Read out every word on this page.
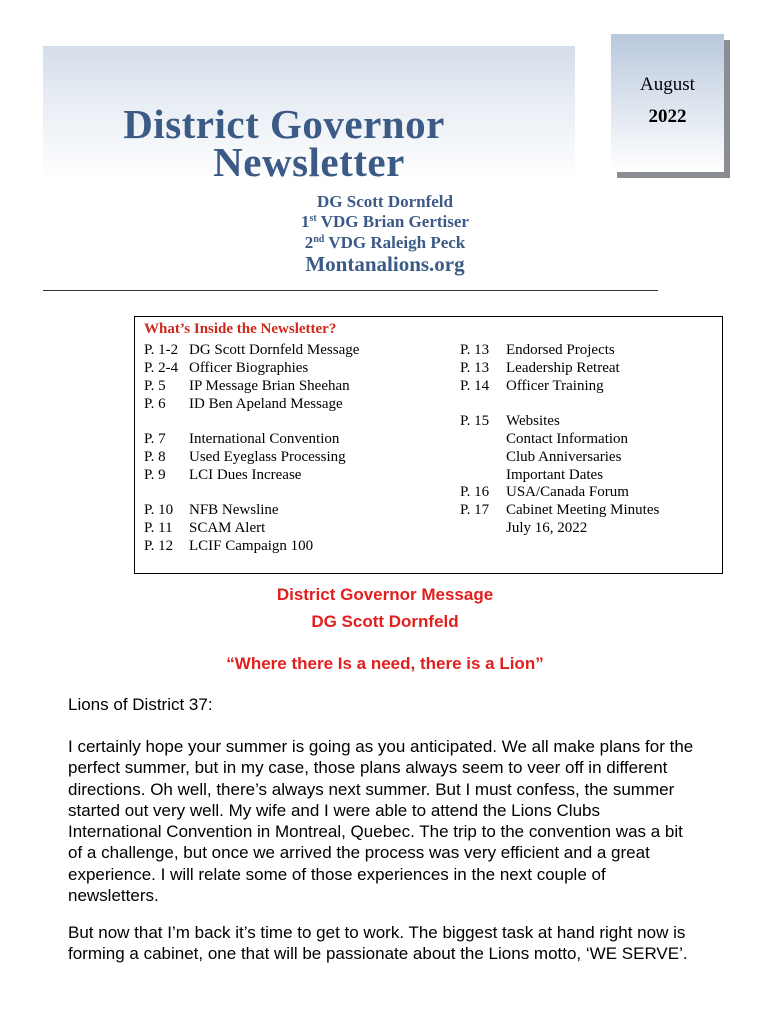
District Governor
Newsletter
August
2022
DG Scott Dornfeld
1st VDG Brian Gertiser
2nd VDG Raleigh Peck
Montanalions.org
What’s Inside the Newsletter?
P. 1-2 DG Scott Dornfeld Message
P. 2-4 Officer Biographies
P. 5 IP Message Brian Sheehan
P. 6 ID Ben Apeland Message
P. 7 International Convention
P. 8 Used Eyeglass Processing
P. 9 LCI Dues Increase
P. 10 NFB Newsline
P. 11 SCAM Alert
P. 12 LCIF Campaign 100
P. 13 Endorsed Projects
P. 13 Leadership Retreat
P. 14 Officer Training
P. 15 Websites
Contact Information
Club Anniversaries
Important Dates
P. 16 USA/Canada Forum
P. 17 Cabinet Meeting Minutes
July 16, 2022
District Governor Message
DG Scott Dornfeld
“Where there Is a need, there is a Lion”
Lions of District 37:
I certainly hope your summer is going as you anticipated. We all make plans for the
perfect summer, but in my case, those plans always seem to veer off in different
directions. Oh well, there’s always next summer. But I must confess, the summer
started out very well. My wife and I were able to attend the Lions Clubs
International Convention in Montreal, Quebec. The trip to the convention was a bit
of a challenge, but once we arrived the process was very efficient and a great
experience. I will relate some of those experiences in the next couple of
newsletters.
But now that I’m back it’s time to get to work. The biggest task at hand right now is
forming a cabinet, one that will be passionate about the Lions motto, ‘WE SERVE’.
